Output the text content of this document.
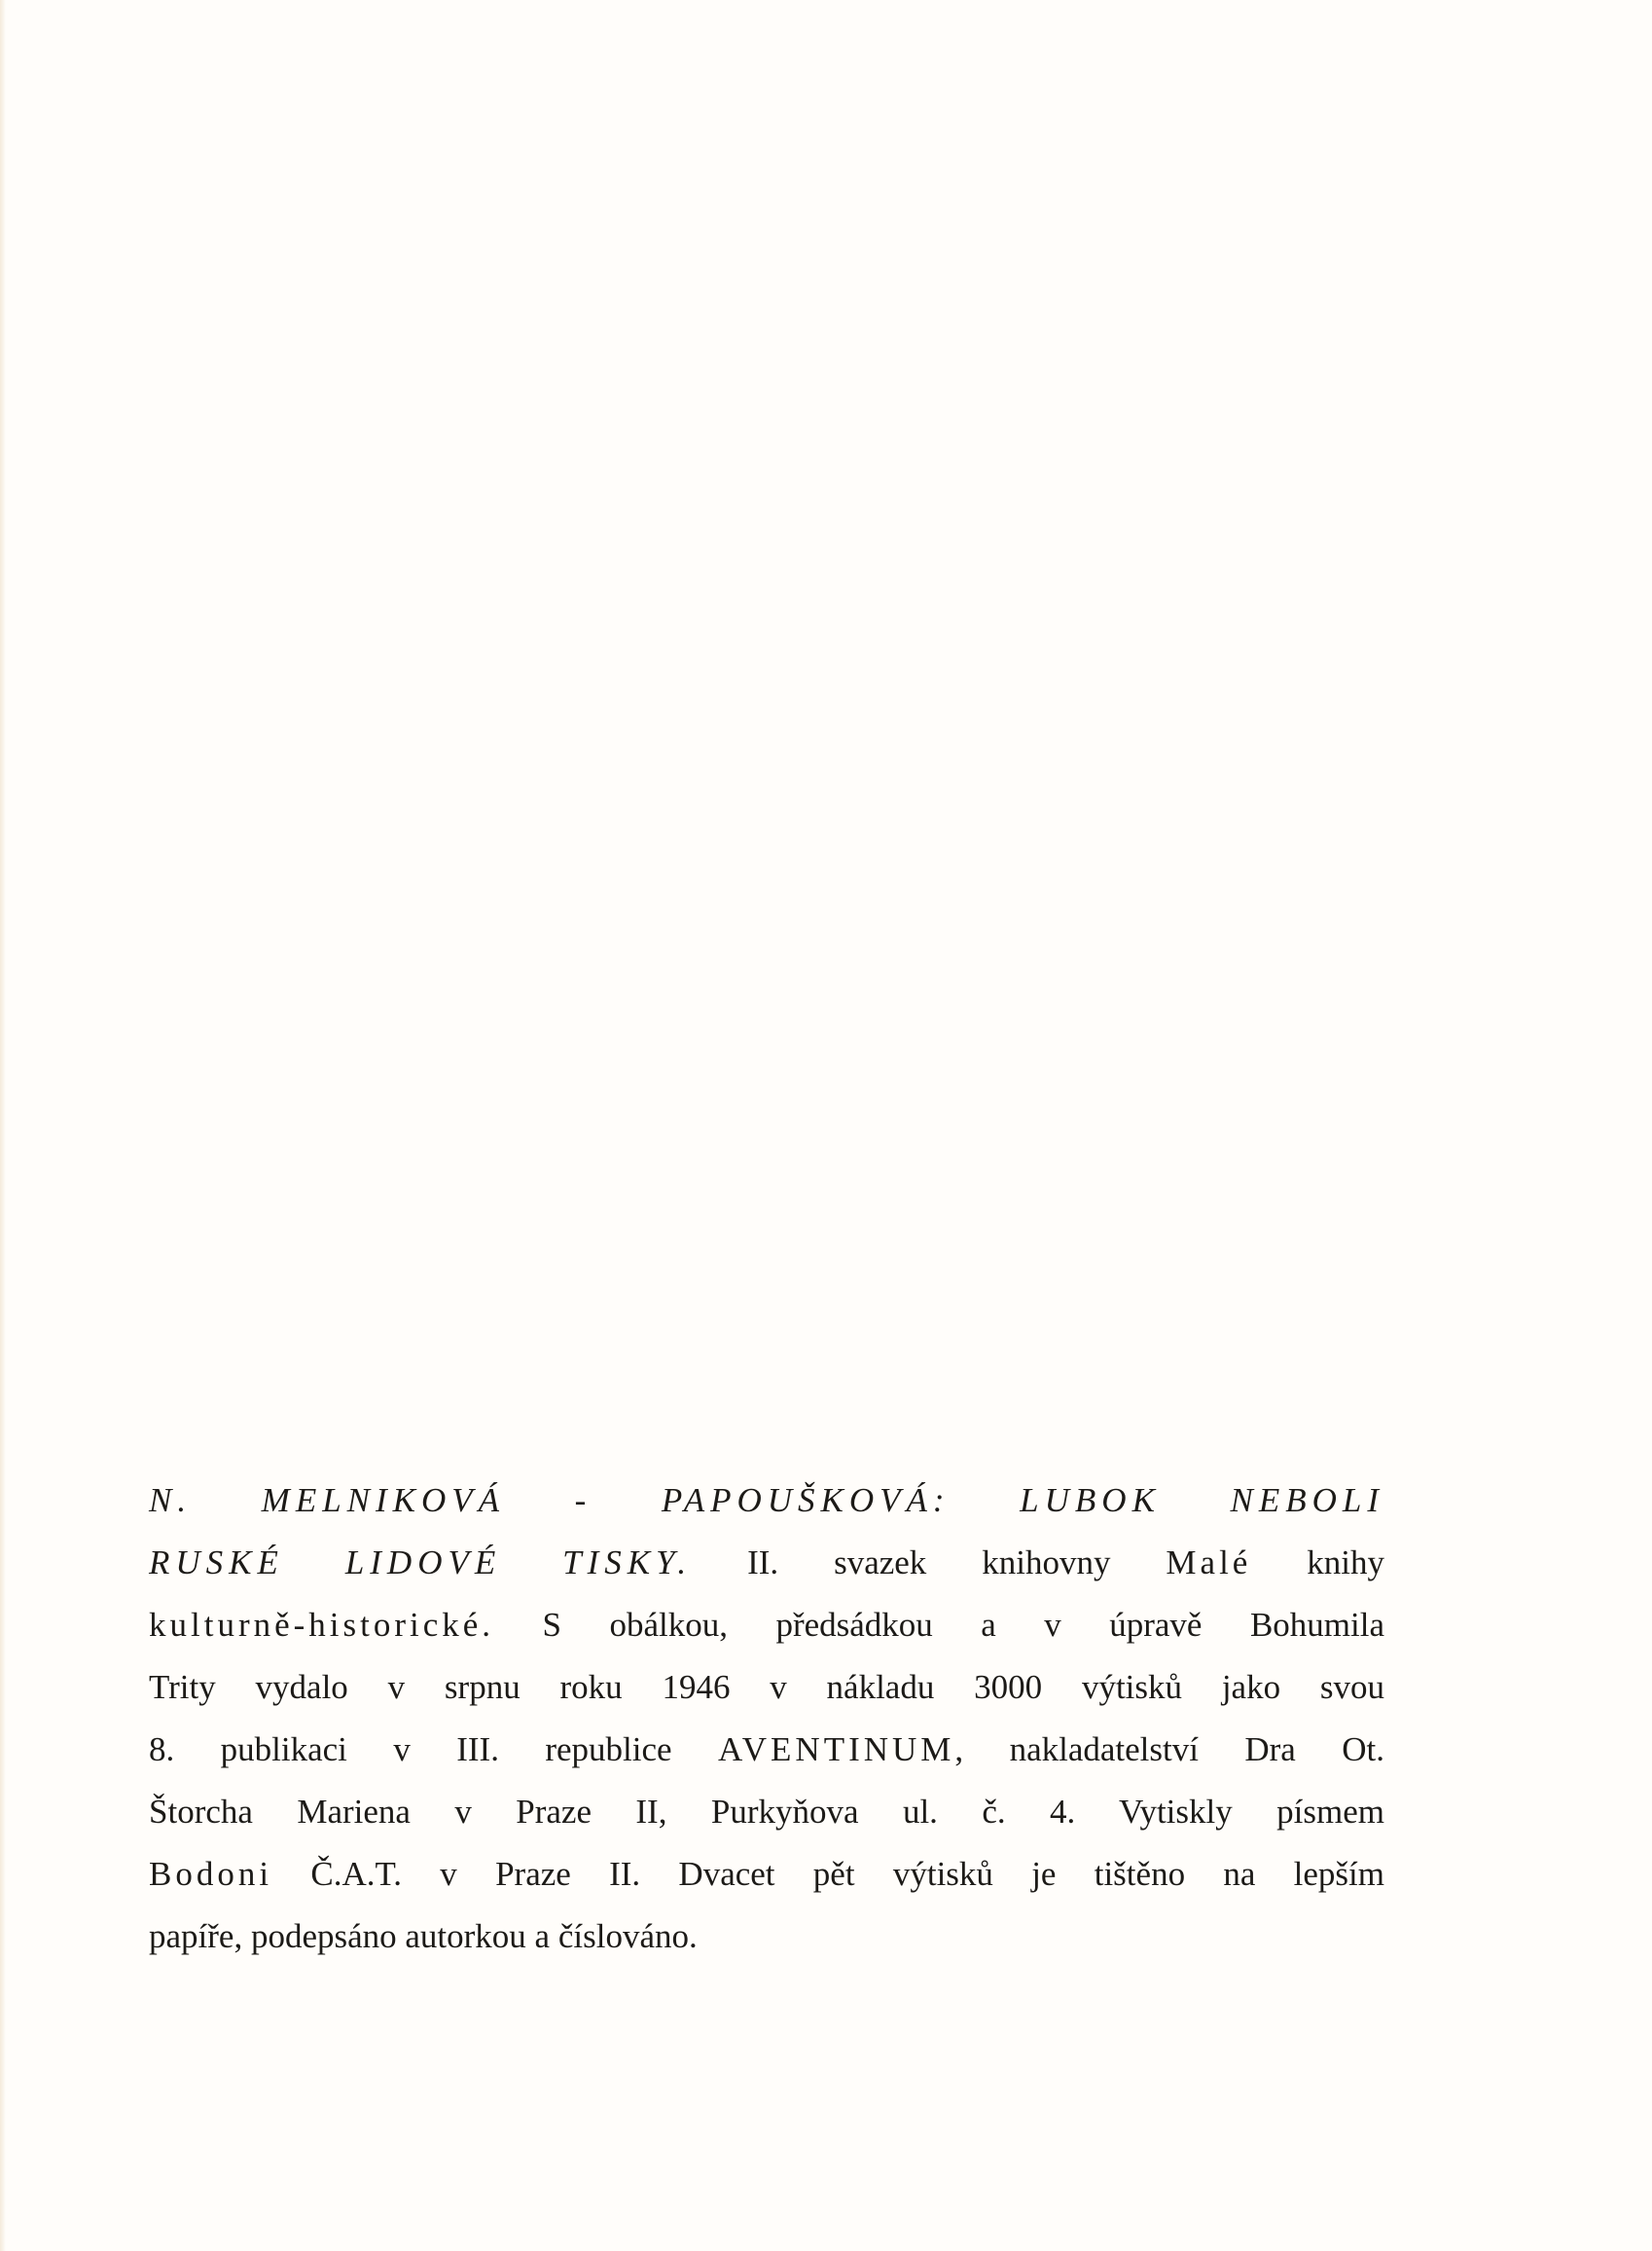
N. MELNIKOVÁ - PAPOUŠKOVÁ: LUBOK NEBOLI
RUSKÉ LIDOVÉ TISKY. II. svazek knihovny Malé knihy
kulturně-historické. S obálkou, předsádkou a v úpravě Bohumila
Trity vydalo v srpnu roku 1946 v nákladu 3000 výtisků jako svou
8. publikaci v III. republice AVENTINUM, nakladatelství Dra Ot.
Štorcha Mariena v Praze II, Purkyňova ul. č. 4. Vytiskly písmem
Bodoni Č.A.T. v Praze II. Dvacet pět výtisků je tištěno na lepším
papíře, podepsáno autorkou a číslováno.
